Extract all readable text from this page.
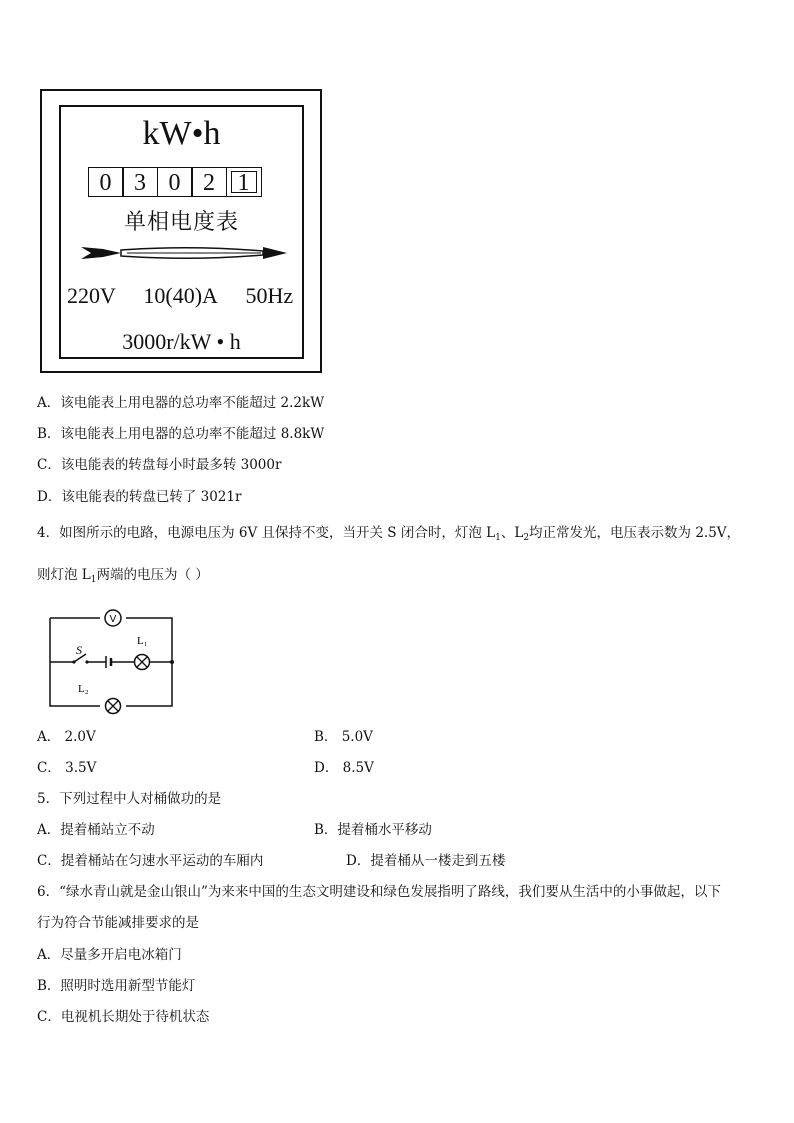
kW•h
0 3 0 2 1
单相电度表
220V 10(40)A 50Hz
3000r/kW • h
A．该电能表上用电器的总功率不能超过 2.2kW
B．该电能表上用电器的总功率不能超过 8.8kW
C．该电能表的转盘每小时最多转 3000r
D．该电能表的转盘已转了 3021r
4．如图所示的电路，电源电压为 6V 且保持不变，当开关 S 闭合时，灯泡 $L_1$、$L_2$均正常发光，电压表示数为 2.5V，
则灯泡 $L_1$两端的电压为（ ）
V
S
L₁
L₂
A． 2.0V	B． 5.0V
C． 3.5V	D． 8.5V
5．下列过程中人对桶做功的是
A．提着桶站立不动	B．提着桶水平移动
C．提着桶站在匀速水平运动的车厢内	D．提着桶从一楼走到五楼
6．“绿水青山就是金山银山”为来来中国的生态文明建设和绿色发展指明了路线，我们要从生活中的小事做起，以下
行为符合节能减排要求的是
A．尽量多开启电冰箱门
B．照明时选用新型节能灯
C．电视机长期处于待机状态
